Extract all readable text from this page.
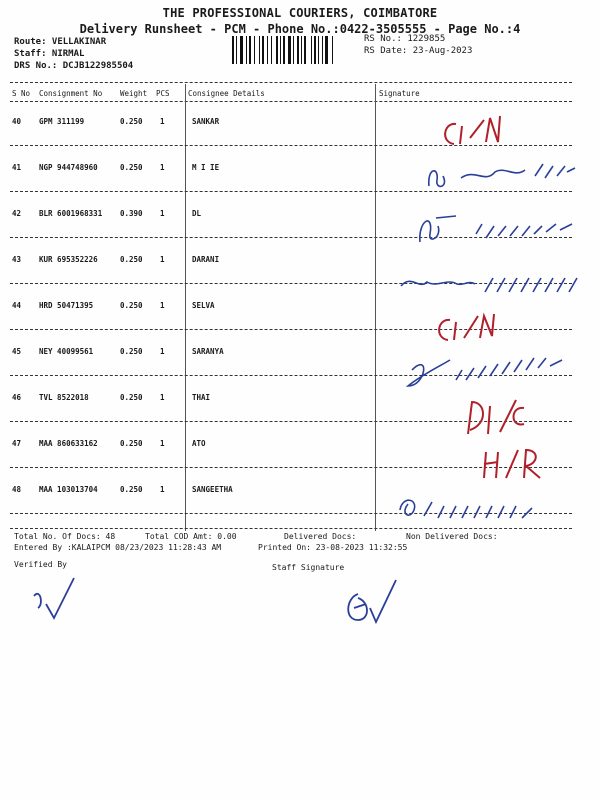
THE PROFESSIONAL COURIERS, COIMBATORE
Delivery Runsheet - PCM - Phone No.:0422-3505555 - Page No.:4
Route: VELLAKINAR
Staff: NIRMAL
DRS No.: DCJB122985504
RS No.: 1229855
RS Date: 23-Aug-2023
S No Consignment No Weight PCS Consignee Details	Signature
40 GPM 311199	0.250 1	SANKAR
41 NGP 944748960	0.250 1	M I IE
42 BLR 6001968331 0.390 1	DL
43 KUR 695352226	0.250 1	DARANI
44 HRD 50471395	0.250 1	SELVA
45 NEY 40099561	0.250 1	SARANYA
46 TVL 8522018	0.250 1	THAI
47 MAA 860633162	0.250 1	ATO
48 MAA 103013704	0.250 1	SANGEETHA
Total No. Of Docs: 48	Total COD Amt: 0.00	Delivered Docs:	Non Delivered Docs:
Entered By :KALAIPCM 08/23/2023 11:28:43 AM	Printed On: 23-08-2023 11:32:55
Verified By	Staff Signature
